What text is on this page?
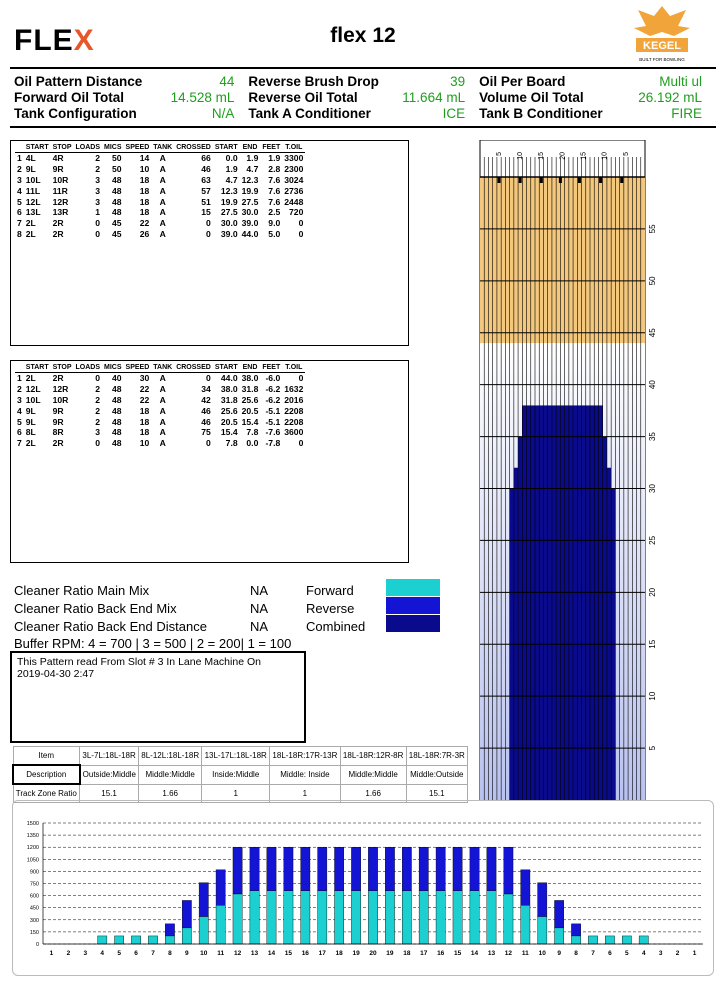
FLEX	flex 12	KEGEL
BUILT FOR BOWLING
Oil Pattern Distance	44	Reverse Brush Drop	39	Oil Per Board	Multi ul
Forward Oil Total	14.528 mL	Reverse Oil Total	11.664 mL	Volume Oil Total	26.192 mL
Tank Configuration	N/A	Tank A Conditioner	ICE	Tank B Conditioner	FIRE
	START	STOP	LOADS	MICS	SPEED	TANK	CROSSED	START	END	FEET	T.OIL
1	4L	4R	2	50	14	A	66	0.0	1.9	1.9	3300
2	9L	9R	2	50	10	A	46	1.9	4.7	2.8	2300
3	10L	10R	3	48	18	A	63	4.7	12.3	7.6	3024
4	11L	11R	3	48	18	A	57	12.3	19.9	7.6	2736
5	12L	12R	3	48	18	A	51	19.9	27.5	7.6	2448
6	13L	13R	1	48	18	A	15	27.5	30.0	2.5	720
7	2L	2R	0	45	22	A	0	30.0	39.0	9.0	0
8	2L	2R	0	45	26	A	0	39.0	44.0	5.0	0
	START	STOP	LOADS	MICS	SPEED	TANK	CROSSED	START	END	FEET	T.OIL
1	2L	2R	0	40	30	A	0	44.0	38.0	-6.0	0
2	12L	12R	2	48	22	A	34	38.0	31.8	-6.2	1632
3	10L	10R	2	48	22	A	42	31.8	25.6	-6.2	2016
4	9L	9R	2	48	18	A	46	25.6	20.5	-5.1	2208
5	9L	9R	2	48	18	A	46	20.5	15.4	-5.1	2208
6	8L	8R	3	48	18	A	75	15.4	7.8	-7.6	3600
7	2L	2R	0	48	10	A	0	7.8	0.0	-7.8	0
Cleaner Ratio Main Mix	NA	Forward
Cleaner Ratio Back End Mix	NA	Reverse
Cleaner Ratio Back End Distance	NA	Combined
Buffer RPM: 4 = 700 | 3 = 500 | 2 = 200| 1 = 100
This Pattern read From Slot # 3 In Lane Machine On
2019-04-30 2:47
Item	3L-7L:18L-18R	8L-12L:18L-18R	13L-17L:18L-18R	18L-18R:17R-13R	18L-18R:12R-8R	18L-18R:7R-3R
Description	Outside:Middle	Middle:Middle	Inside:Middle	Middle: Inside	Middle:Middle	Middle:Outside
Track Zone Ratio	15.1	1.66	1	1	1.66	15.1
5 10 15 20 15 10 5
55
50
45
40
35
30
25
20
15
10
5
0
150
300
450
600
750
900
1050
1200
1350
1500
1 2 3 4 5 6 7 8 9 10 11 12 13 14 15 16 17 18 19 20 19 18 17 16 15 14 13 12 11 10 9 8 7 6 5 4 3 2 1
